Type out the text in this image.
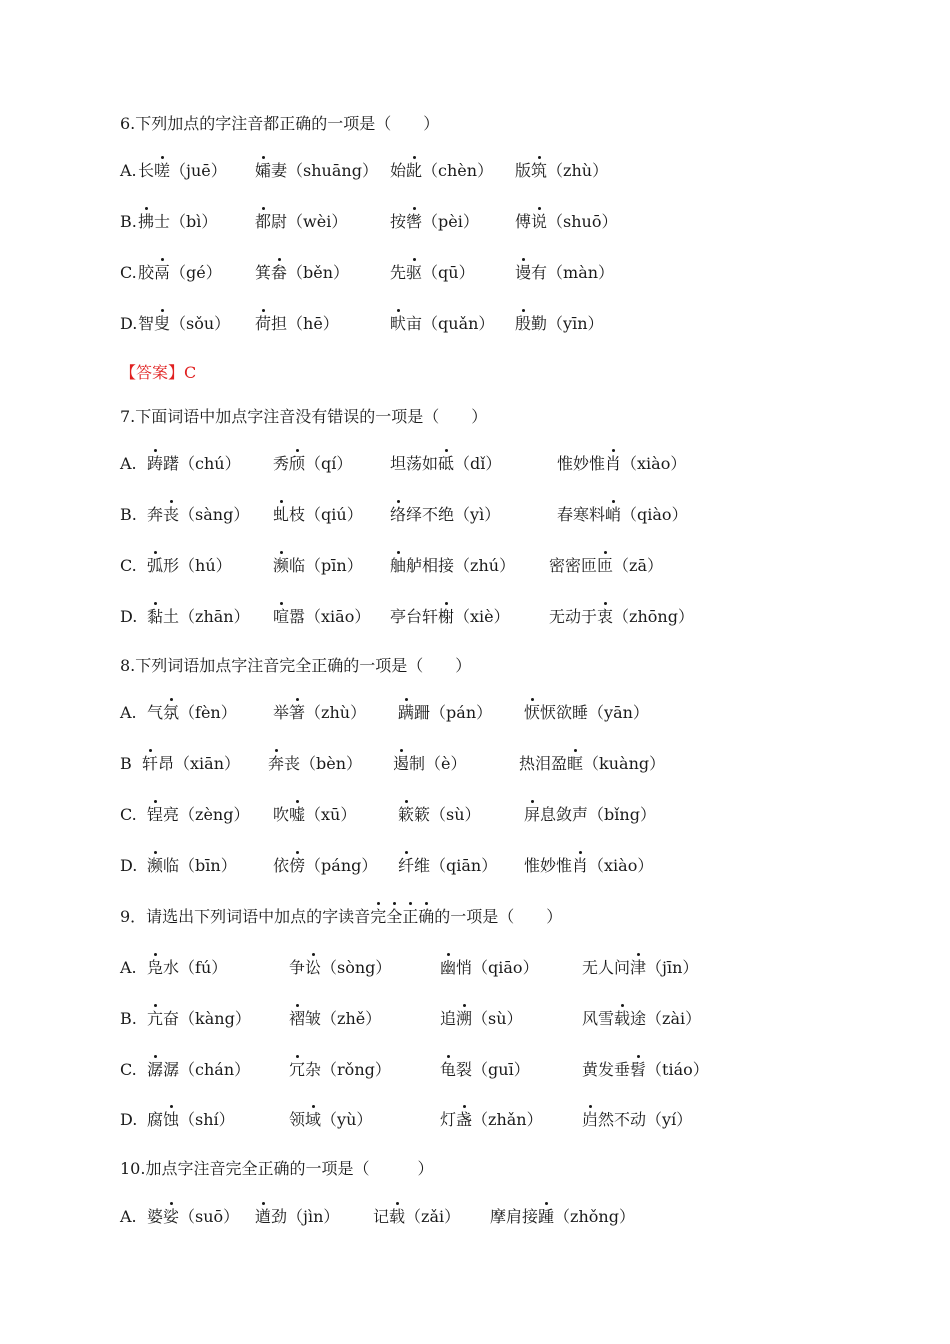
6.下列加点的字注音都正确的一项是（　　）
A. 长嗟（juē） 孀妻（shuāng） 始龀（chèn） 版筑（zhù）
B. 拂士（bì） 都尉（wèi）	按辔（pèi） 傅说（shuō）
C. 胶鬲（gé） 箕畚（běn）	先驱（qū）	谩有（màn）
D. 智叟（sǒu） 荷担（hē）	畎亩（quǎn） 殷勤（yīn）
【答案】C
7.下面词语中加点字注音没有错误的一项是（　　）
A. 踌躇（chú） 秀颀（qí） 坦荡如砥（dǐ）	惟妙惟肖（xiào）
B. 奔丧（sàng） 虬枝（qiú） 络绎不绝（yì）	春寒料峭（qiào）
C. 弧形（hú）	濒临（pīn） 舳舻相接（zhú） 密密匝匝（zā）
D. 黏土（zhān） 喧嚣（xiāo） 亭台轩榭（xiè） 无动于衷（zhōng）
8.下列词语加点字注音完全正确的一项是（　　）
A. 气氛（fèn） 举箸（zhù） 蹒跚（pán） 恹恹欲睡（yān）
B 轩昂（xiān） 奔丧（bèn） 遏制（è）	热泪盈眶（kuàng）
C. 锃亮（zèng） 吹嘘（xū）	簌簌（sù）	屏息敛声（bǐng）
D. 濒临（bīn） 依傍（páng） 纤维（qiān） 惟妙惟肖（xiào）
9．请选出下列词语中加点的字读音完全正确的一项是（　　）
A. 凫水（fú）	争讼（sòng）	幽悄（qiāo）	无人问津（jīn）
B. 亢奋（kàng） 褶皱（zhě）	追溯（sù）	风雪载途（zài）
C. 潺潺（chán） 冗杂（rǒng）	龟裂（guī）	黄发垂髫（tiáo）
D. 腐蚀（shí）	领域（yù）	灯盏（zhǎn） 岿然不动（yí）
10.加点字注音完全正确的一项是（　　　）
A. 婆娑（suō） 遒劲（jìn） 记载（zǎi） 摩肩接踵（zhǒng）
